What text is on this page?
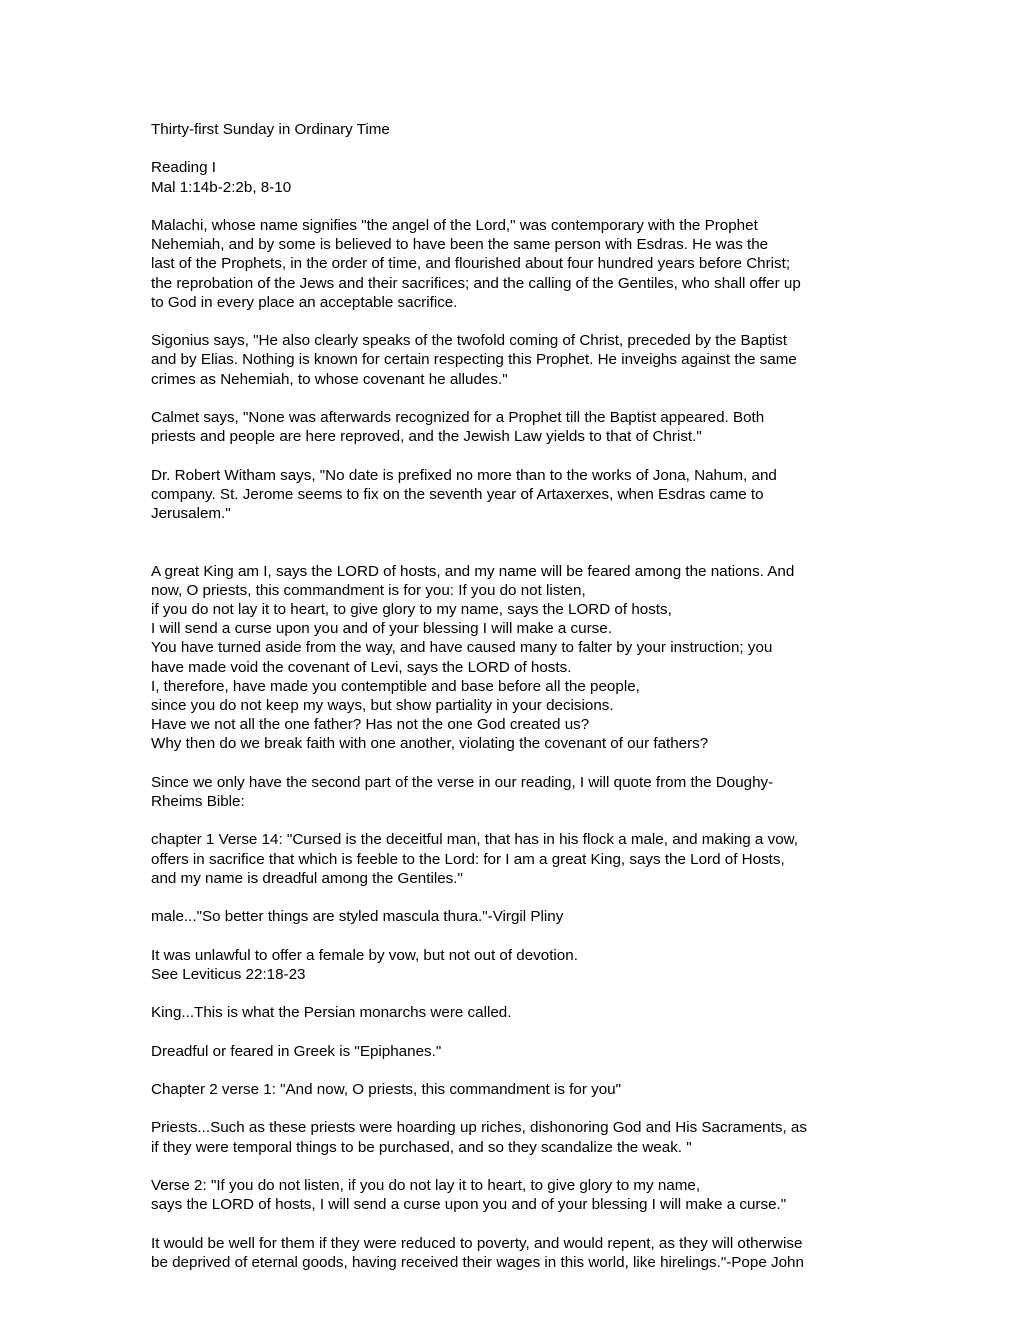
Thirty-first Sunday in Ordinary Time

Reading I
Mal 1:14b-2:2b, 8-10

Malachi, whose name signifies "the angel of the Lord," was contemporary with the Prophet
Nehemiah, and by some is believed to have been the same person with Esdras. He was the
last of the Prophets, in the order of time, and flourished about four hundred years before Christ;
the reprobation of the Jews and their sacrifices; and the calling of the Gentiles, who shall offer up
to God in every place an acceptable sacrifice.

Sigonius says, "He also clearly speaks of the twofold coming of Christ, preceded by the Baptist
and by Elias. Nothing is known for certain respecting this Prophet. He inveighs against the same
crimes as Nehemiah, to whose covenant he alludes."

Calmet says, "None was afterwards recognized for a Prophet till the Baptist appeared. Both
priests and people are here reproved, and the Jewish Law yields to that of Christ."

Dr. Robert Witham says, "No date is prefixed no more than to the works of Jona, Nahum, and
company. St. Jerome seems to fix on the seventh year of Artaxerxes, when Esdras came to
Jerusalem."

A great King am I, says the LORD of hosts, and my name will be feared among the nations. And
now, O priests, this commandment is for you: If you do not listen,
if you do not lay it to heart, to give glory to my name, says the LORD of hosts,
I will send a curse upon you and of your blessing I will make a curse.
You have turned aside from the way, and have caused many to falter by your instruction; you
have made void the covenant of Levi, says the LORD of hosts.
I, therefore, have made you contemptible and base before all the people,
since you do not keep my ways, but show partiality in your decisions.
Have we not all the one father? Has not the one God created us?
Why then do we break faith with one another, violating the covenant of our fathers?

Since we only have the second part of the verse in our reading, I will quote from the Doughy-
Rheims Bible:

chapter 1 Verse 14: "Cursed is the deceitful man, that has in his flock a male, and making a vow,
offers in sacrifice that which is feeble to the Lord: for I am a great King, says the Lord of Hosts,
and my name is dreadful among the Gentiles."

male..."So better things are styled mascula thura."-Virgil Pliny

It was unlawful to offer a female by vow, but not out of devotion.
See Leviticus 22:18-23

King...This is what the Persian monarchs were called.

Dreadful or feared in Greek is "Epiphanes."

Chapter 2 verse 1: "And now, O priests, this commandment is for you"

Priests...Such as these priests were hoarding up riches, dishonoring God and His Sacraments, as
if they were temporal things to be purchased, and so they scandalize the weak. "

Verse 2: "If you do not listen, if you do not lay it to heart, to give glory to my name,
says the LORD of hosts, I will send a curse upon you and of your blessing I will make a curse."

It would be well for them if they were reduced to poverty, and would repent, as they will otherwise
be deprived of eternal goods, having received their wages in this world, like hirelings."-Pope John
